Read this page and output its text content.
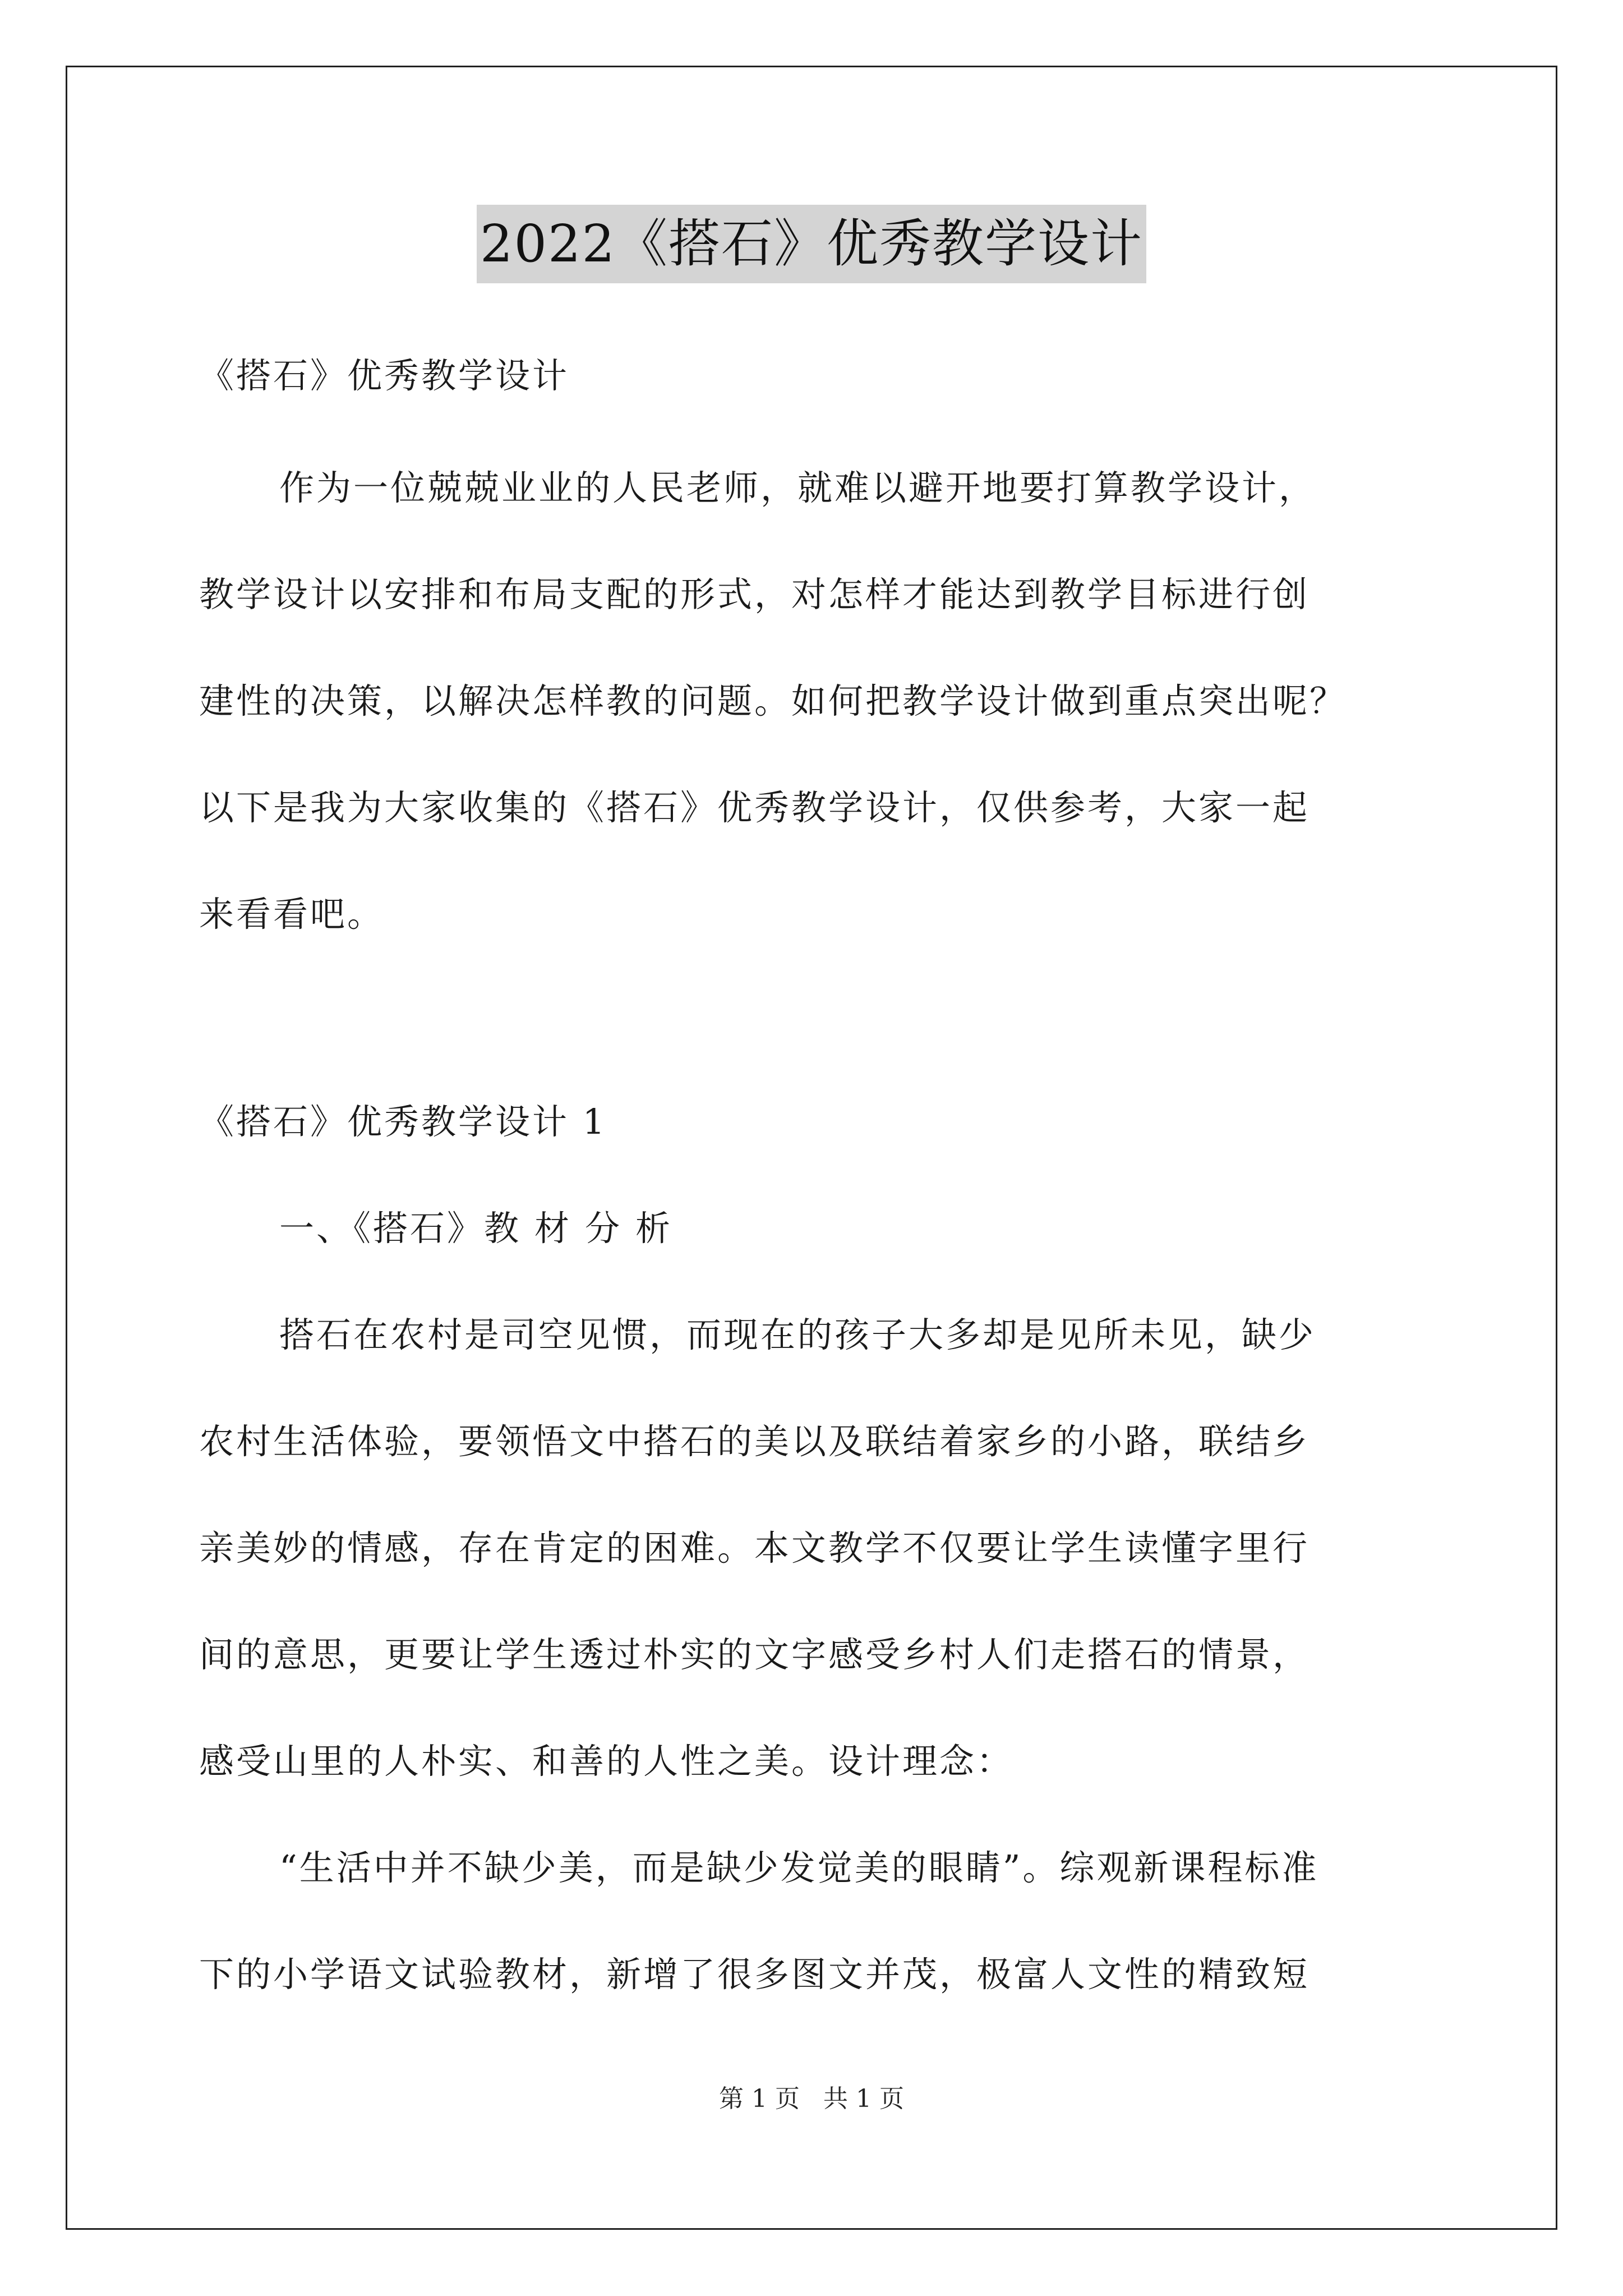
2022《搭石》优秀教学设计
《搭石》优秀教学设计
作为一位兢兢业业的人民老师，就难以避开地要打算教学设计，
教学设计以安排和布局支配的形式，对怎样才能达到教学目标进行创
建性的决策，以解决怎样教的问题。如何把教学设计做到重点突出呢？
以下是我为大家收集的《搭石》优秀教学设计，仅供参考，大家一起
来看看吧。
《搭石》优秀教学设计 1
一、《搭石》教材分析
搭石在农村是司空见惯，而现在的孩子大多却是见所未见，缺少
农村生活体验，要领悟文中搭石的美以及联结着家乡的小路，联结乡
亲美妙的情感，存在肯定的困难。本文教学不仅要让学生读懂字里行
间的意思，更要让学生透过朴实的文字感受乡村人们走搭石的情景，
感受山里的人朴实、和善的人性之美。设计理念：
“生活中并不缺少美，而是缺少发觉美的眼睛”。综观新课程标准
下的小学语文试验教材，新增了很多图文并茂，极富人文性的精致短
第 1 页 共 1 页
